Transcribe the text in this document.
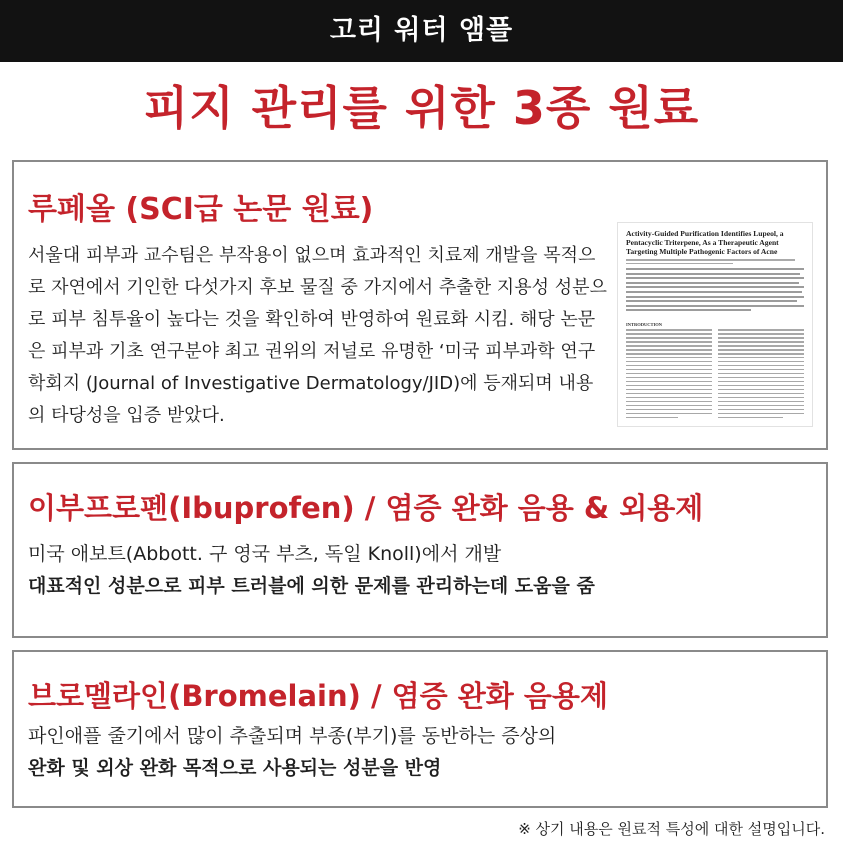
고리 워터 앰플
피지 관리를 위한 3종 원료
루페올 (SCI급 논문 원료)

서울대 피부과 교수팀은 부작용이 없으며 효과적인 치료제 개발을 목적으로 자연에서 기인한 다섯가지 후보 물질 중 가지에서 추출한 지용성 성분으로 피부 침투율이 높다는 것을 확인하여 반영하여 원료화 시킴. 해당 논문은 피부과 기초 연구분야 최고 권위의 저널로 유명한 ‘미국 피부과학 연구 학회지 (Journal of Investigative Dermatology/JID)에 등재되며 내용의 타당성을 입증 받았다.

Activity-Guided Purification Identifies Lupeol, a Pentacyclic Triterpene, As a Therapeutic Agent Targeting Multiple Pathogenic Factors of Acne
INTRODUCTION
이부프로펜(Ibuprofen) / 염증 완화 음용 & 외용제
미국 애보트(Abbott. 구 영국 부츠, 독일 Knoll)에서 개발
대표적인 성분으로 피부 트러블에 의한 문제를 관리하는데 도움을 줌
브로멜라인(Bromelain) / 염증 완화 음용제
파인애플 줄기에서 많이 추출되며 부종(부기)를 동반하는 증상의
완화 및 외상 완화 목적으로 사용되는 성분을 반영
※ 상기 내용은 원료적 특성에 대한 설명입니다.
